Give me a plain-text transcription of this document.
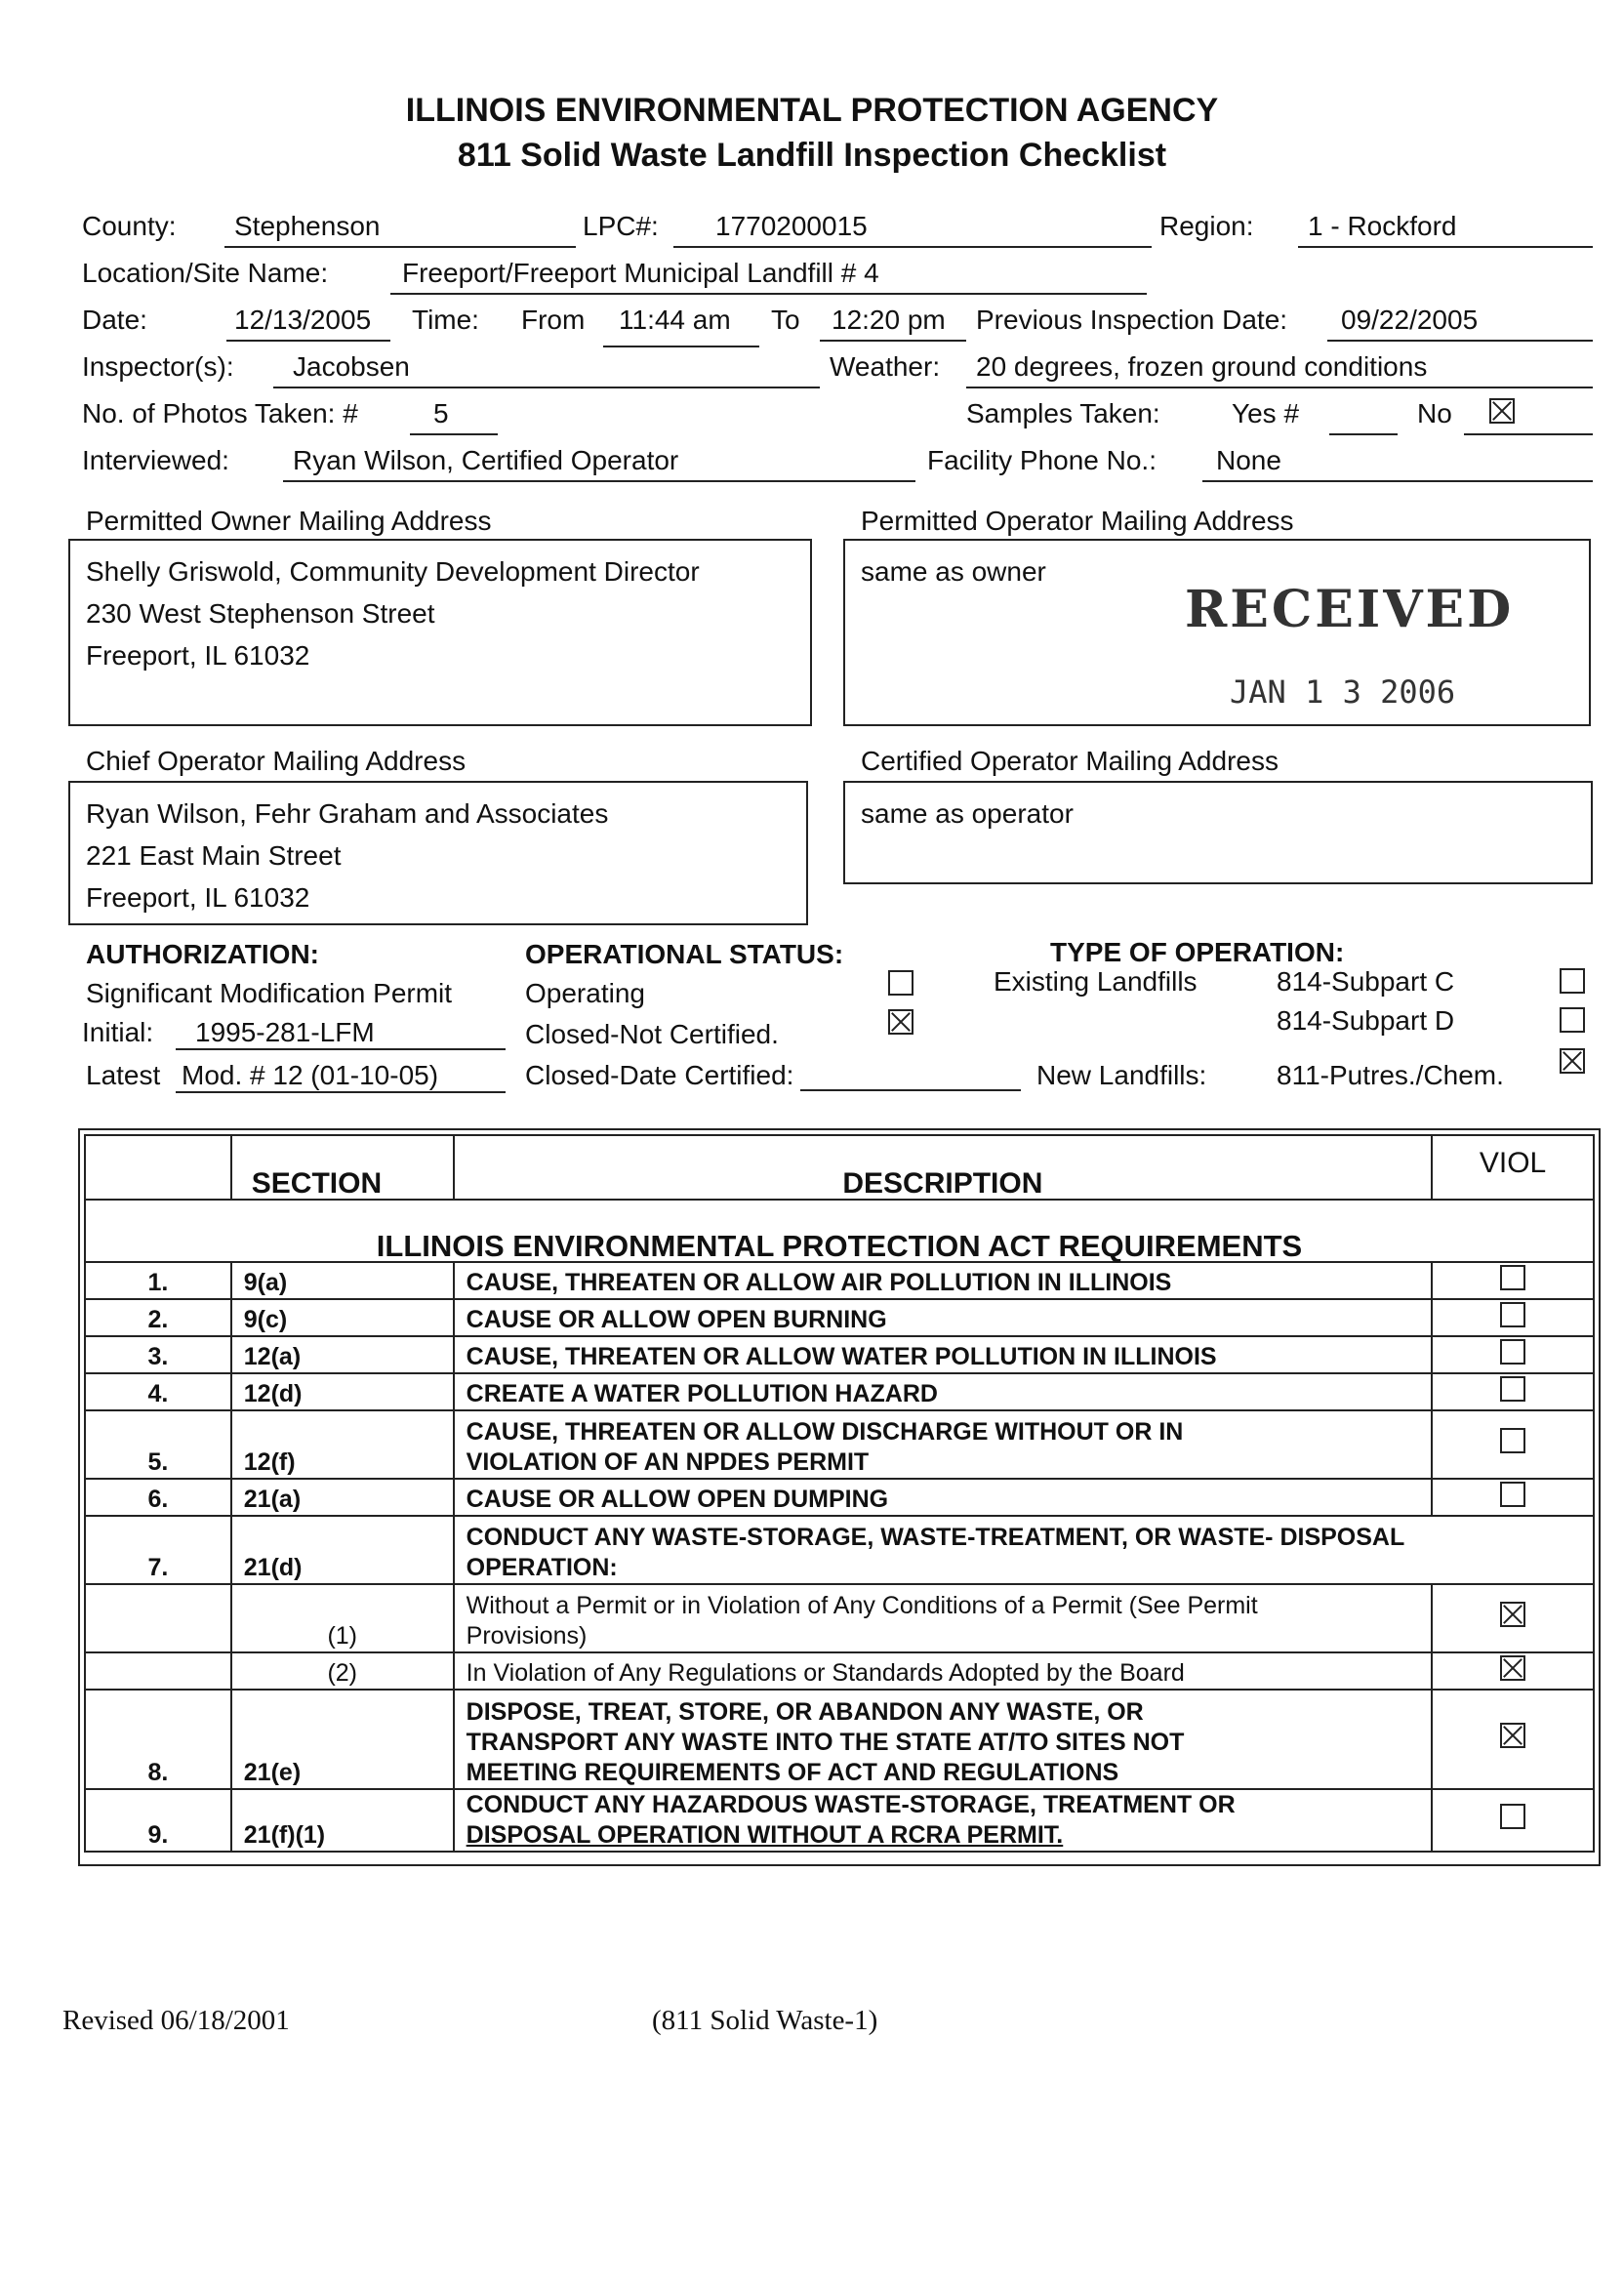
ILLINOIS ENVIRONMENTAL PROTECTION AGENCY
811 Solid Waste Landfill Inspection Checklist
County: Stephenson	LPC#: 1770200015	Region: 1 - Rockford
Location/Site Name:	Freeport/Freeport Municipal Landfill # 4
Date:	12/13/2005 Time: From 11:44 am To 12:20 pm Previous Inspection Date: 09/22/2005
Inspector(s): Jacobsen	Weather: 20 degrees, frozen ground conditions
No. of Photos Taken: #	5	Samples Taken:	Yes #	No
Interviewed: Ryan Wilson, Certified Operator	Facility Phone No.: None
Permitted Owner Mailing Address
Shelly Griswold, Community Development Director
230 West Stephenson Street
Freeport, IL 61032
Permitted Operator Mailing Address
same as owner
RECEIVED
JAN 1 3 2006
Chief Operator Mailing Address
Ryan Wilson, Fehr Graham and Associates
221 East Main Street
Freeport, IL 61032
Certified Operator Mailing Address
same as operator
AUTHORIZATION:
Significant Modification Permit
Initial: 1995-281-LFM
Latest Mod. # 12 (01-10-05)
OPERATIONAL STATUS:
Operating
Closed-Not Certified.
Closed-Date Certified:
TYPE OF OPERATION:
Existing Landfills	814-Subpart C
814-Subpart D
New Landfills:	811-Putres./Chem.
	SECTION	DESCRIPTION	VIOL
ILLINOIS ENVIRONMENTAL PROTECTION ACT REQUIREMENTS			
1.	9(a)	CAUSE, THREATEN OR ALLOW AIR POLLUTION IN ILLINOIS	
2.	9(c)	CAUSE OR ALLOW OPEN BURNING	
3.	12(a)	CAUSE, THREATEN OR ALLOW WATER POLLUTION IN ILLINOIS	
4.	12(d)	CREATE A WATER POLLUTION HAZARD	
5.	12(f)	CAUSE, THREATEN OR ALLOW DISCHARGE WITHOUT OR IN
VIOLATION OF AN NPDES PERMIT	

6.	21(a)	CAUSE OR ALLOW OPEN DUMPING	
7.	21(d)	CONDUCT ANY WASTE-STORAGE, WASTE-TREATMENT, OR WASTE- DISPOSAL
OPERATION:	

	(1)	Without a Permit or in Violation of Any Conditions of a Permit (See Permit
Provisions)	

	(2)	In Violation of Any Regulations or Standards Adopted by the Board	
8.	21(e)	DISPOSE, TREAT, STORE, OR ABANDON ANY WASTE, OR
TRANSPORT ANY WASTE INTO THE STATE AT/TO SITES NOT
MEETING REQUIREMENTS OF ACT AND REGULATIONS	

9.	21(f)(1)	CONDUCT ANY HAZARDOUS WASTE-STORAGE, TREATMENT OR
DISPOSAL OPERATION WITHOUT A RCRA PERMIT.	

Revised 06/18/2001	(811 Solid Waste-1)
